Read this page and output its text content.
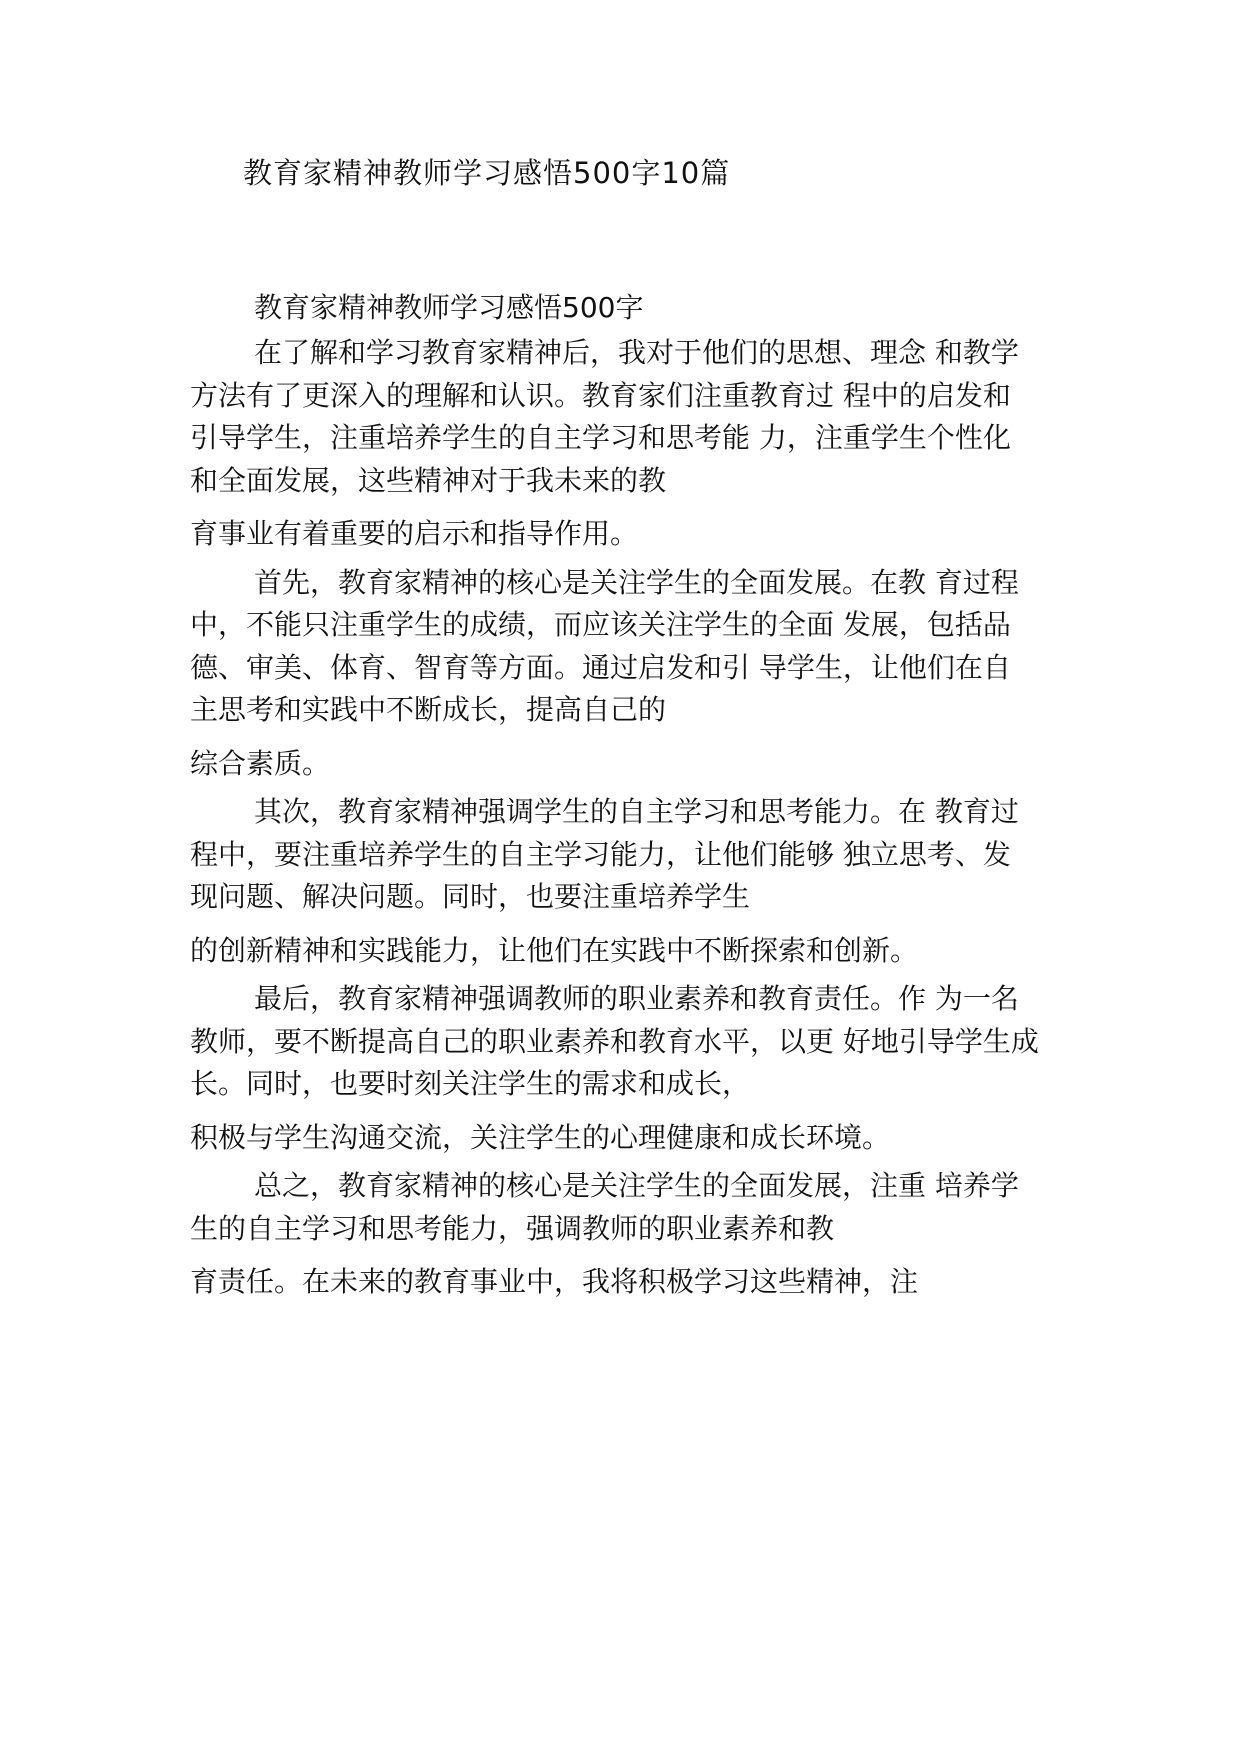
教育家精神教师学习感悟500字10篇
教育家精神教师学习感悟500字
在了解和学习教育家精神后，我对于他们的思想、理念 和教学
方法有了更深入的理解和认识。教育家们注重教育过 程中的启发和
引导学生，注重培养学生的自主学习和思考能 力，注重学生个性化
和全面发展，这些精神对于我未来的教
育事业有着重要的启示和指导作用。
首先，教育家精神的核心是关注学生的全面发展。在教 育过程
中，不能只注重学生的成绩，而应该关注学生的全面 发展，包括品
德、审美、体育、智育等方面。通过启发和引 导学生，让他们在自
主思考和实践中不断成长，提高自己的
综合素质。
其次，教育家精神强调学生的自主学习和思考能力。在 教育过
程中，要注重培养学生的自主学习能力，让他们能够 独立思考、发
现问题、解决问题。同时，也要注重培养学生
的创新精神和实践能力，让他们在实践中不断探索和创新。
最后，教育家精神强调教师的职业素养和教育责任。作 为一名
教师，要不断提高自己的职业素养和教育水平，以更 好地引导学生成
长。同时，也要时刻关注学生的需求和成长，
积极与学生沟通交流，关注学生的心理健康和成长环境。
总之，教育家精神的核心是关注学生的全面发展，注重 培养学
生的自主学习和思考能力，强调教师的职业素养和教
育责任。在未来的教育事业中，我将积极学习这些精神，注
